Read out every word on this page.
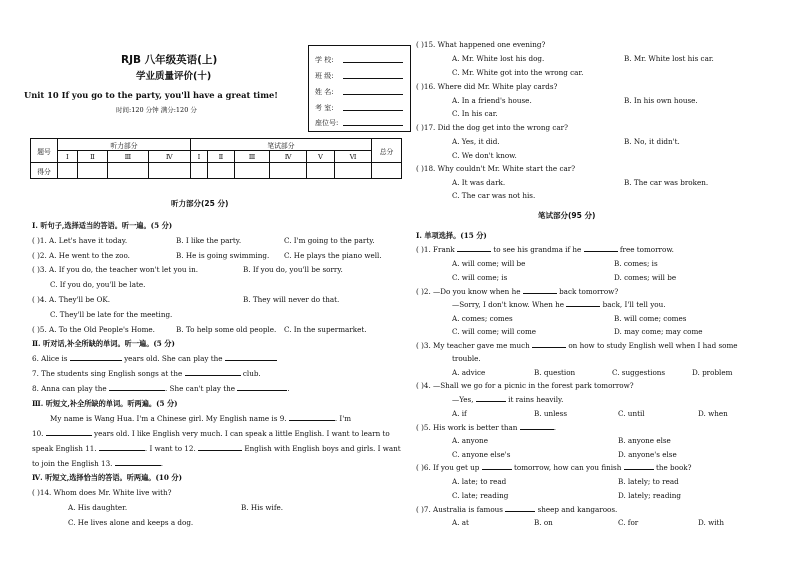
RJB 八年级英语(上)
学业质量评价(十)
Unit 10 If you go to the party, you'll have a great time!
时间:120 分钟 满分:120 分
学 校:
班 级:
姓 名:
考 室:
座位号:
题号	听力部分				笔试部分						总分
	Ⅰ	Ⅱ	Ⅲ	Ⅳ	Ⅰ	Ⅱ	Ⅲ	Ⅳ	Ⅴ	Ⅵ	
得分											
听力部分(25 分)
Ⅰ. 听句子,选择适当的答语。听一遍。(5 分)
( )1. A. Let's have it today.	B. I like the party.	C. I'm going to the party.
( )2. A. He went to the zoo.	B. He is going swimming. C. He plays the piano well.
( )3. A. If you do, the teacher won't let you in.	B. If you do, you'll be sorry.
C. If you do, you'll be late.
( )4. A. They'll be OK.	B. They will never do that.
C. They'll be late for the meeting.
( )5. A. To the Old People's Home.	B. To help some old people. C. In the supermarket.
Ⅱ. 听对话,补全所缺的单词。听一遍。(5 分)
6. Alice is	years old. She can play the
7. The students sing English songs at the	club.
8. Anna can play the	. She can't play the	.
Ⅲ. 听短文,补全所缺的单词。听两遍。(5 分)
My name is Wang Hua. I'm a Chinese girl. My English name is 9.	. I'm
10.	years old. I like English very much. I can speak a little English. I want to learn to
speak English 11.	. I want to 12.	English with English boys and girls. I want
to join the English 13.	.
Ⅳ. 听短文,选择恰当的答语。听两遍。(10 分)
( )14. Whom does Mr. White live with?
A. His daughter.	B. His wife.
C. He lives alone and keeps a dog.
( )15. What happened one evening?
A. Mr. White lost his dog.	B. Mr. White lost his car.
C. Mr. White got into the wrong car.
( )16. Where did Mr. White play cards?
A. In a friend's house.	B. In his own house.
C. In his car.
( )17. Did the dog get into the wrong car?
A. Yes, it did.	B. No, it didn't.
C. We don't know.
( )18. Why couldn't Mr. White start the car?
A. It was dark.	B. The car was broken.
C. The car was not his.
笔试部分(95 分)
Ⅰ. 单项选择。(15 分)
( )1. Frank	to see his grandma if he	free tomorrow.
A. will come; will be	B. comes; is
C. will come; is	D. comes; will be
( )2. —Do you know when he	back tomorrow?
—Sorry, I don't know. When he	back, I'll tell you.
A. comes; comes	B. will come; comes
C. will come; will come	D. may come; may come
( )3. My teacher gave me much	on how to study English well when I had some
trouble.
A. advice	B. question	C. suggestions	D. problem
( )4. —Shall we go for a picnic in the forest park tomorrow?
—Yes,	it rains heavily.
A. if	B. unless	C. until	D. when
( )5. His work is better than	.
A. anyone	B. anyone else
C. anyone else's	D. anyone's else
( )6. If you get up	tomorrow, how can you finish	the book?
A. late; to read	B. lately; to read
C. late; reading	D. lately; reading
( )7. Australia is famous	sheep and kangaroos.
A. at	B. on	C. for	D. with
